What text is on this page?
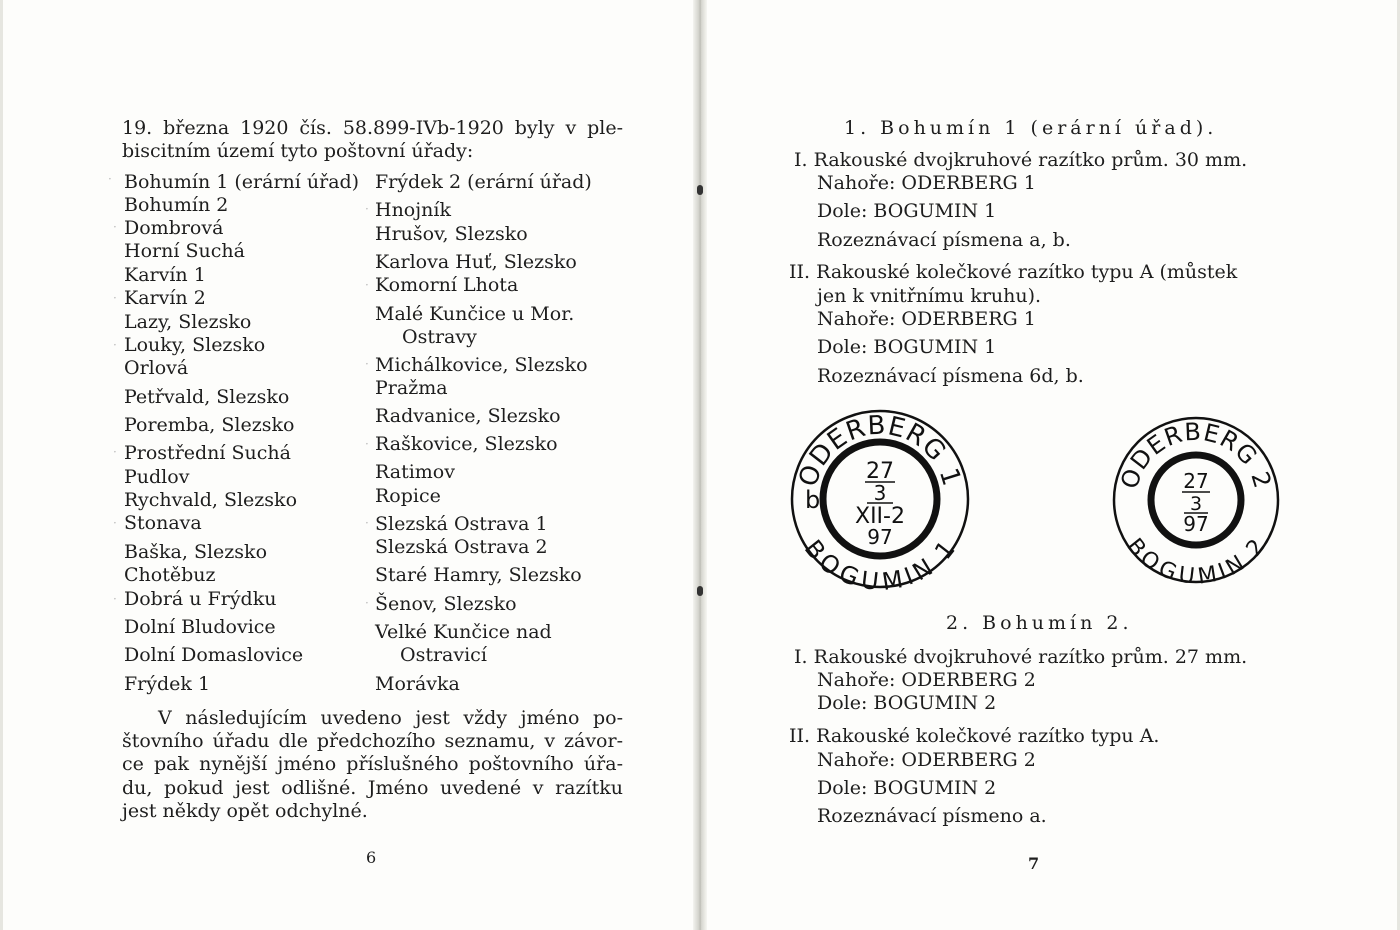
19. března 1920 čís. 58.899-IVb-1920 byly v ple-
biscitním území tyto poštovní úřady:
Bohumín 1 (erární úřad)
Bohumín 2
Dombrová
Horní Suchá
Karvín 1
Karvín 2
Lazy, Slezsko
Louky, Slezsko
Orlová
Petřvald, Slezsko
Poremba, Slezsko
Prostřední Suchá
Pudlov
Rychvald, Slezsko
Stonava
Baška, Slezsko
Chotěbuz
Dobrá u Frýdku
Dolní Bludovice
Dolní Domaslovice
Frýdek 1
Frýdek 2 (erární úřad)
Hnojník
Hrušov, Slezsko
Karlova Huť, Slezsko
Komorní Lhota
Malé Kunčice u Mor.
Ostravy
Michálkovice, Slezsko
Pražma
Radvanice, Slezsko
Raškovice, Slezsko
Ratimov
Ropice
Slezská Ostrava 1
Slezská Ostrava 2
Staré Hamry, Slezsko
Šenov, Slezsko
Velké Kunčice nad
Ostravicí
Morávka
·
·
·
·
·
·
·
·
·
·
·
·
·
V následujícím uvedeno jest vždy jméno po-
štovního úřadu dle předchozího seznamu, v závor-
ce pak nynější jméno příslušného poštovního úřa-
du, pokud jest odlišné. Jméno uvedené v razítku
jest někdy opět odchylné.
6
1. Bohumín 1 (erární úřad).
I. Rakouské dvojkruhové razítko prům. 30 mm.
Nahoře: ODERBERG 1
Dole: BOGUMIN 1
Rozeznávací písmena a, b.
II. Rakouské kolečkové razítko typu A (můstek
jen k vnitřnímu kruhu).
Nahoře: ODERBERG 1
Dole: BOGUMIN 1
Rozeznávací písmena 6d, b.
ODERBERG 1
BOGUMIN 1
b
27
3
XII-2
97
ODERBERG 2
BOGUMIN 2
27
3
97
2. Bohumín 2.
I. Rakouské dvojkruhové razítko prům. 27 mm.
Nahoře: ODERBERG 2
Dole: BOGUMIN 2
II. Rakouské kolečkové razítko typu A.
Nahoře: ODERBERG 2
Dole: BOGUMIN 2
Rozeznávací písmeno a.
7
